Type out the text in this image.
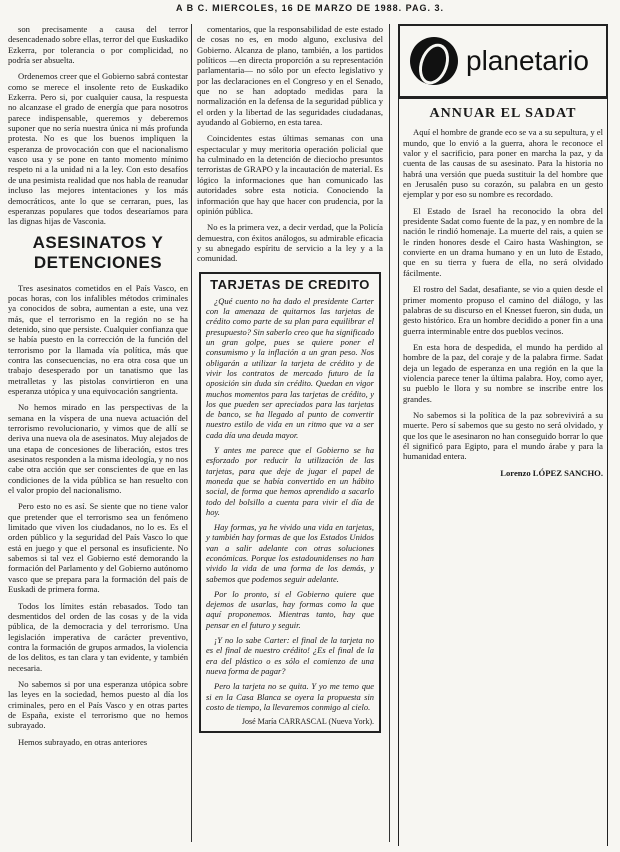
A B C. MIERCOLES, 16 DE MARZO DE 1988. PAG. 3.

son precisamente a causa del terror desencadenado sobre ellas, terror del que Euskadiko Ezkerra, por tolerancia o por complicidad, no podría ser absuelta.

Ordenemos creer que el Gobierno sabrá contestar como se merece el insolente reto de Euskadiko Ezkerra. Pero si, por cualquier causa, la respuesta no alcanzase el grado de energía que para nosotros parece indispensable, queremos y deberemos suponer que no sería nuestra única ni más profunda protesta. No es que los buenos impliquen la esperanza de provocación con que el nacionalismo vasco usa y se pone en tanto momento mínimo respeto ni a la unidad ni a la ley. Con esto desafíos de una pesimista realidad que nos habla de reanudar incluso las mejores intentaciones y los más democráticos, ante lo que se cerraran, pues, las esperanzas populares que todos desearíamos para las dignas hijas de Vasconia.

ASESINATOS Y DETENCIONES

Tres asesinatos cometidos en el País Vasco, en pocas horas, con los infalibles métodos criminales ya conocidos de sobra, aumentan a este, una vez más, que el terrorismo en la región no se ha detenido, sino que persiste. Cualquier confianza que se había puesto en la corrección de la función del terrorismo por la llamada vía política, más que contra las consecuencias, no era otra cosa que un trabajo desesperado por un tanatismo que las metralletas y las pistolas convirtieron en una esperanza utópica y una equivocación sangrienta.

No hemos mirado en las perspectivas de la semana en la víspera de una nueva actuación del terrorismo revolucionario, y vimos que de allí se deriva una nueva ola de asesinatos. Muy alejados de una etapa de concesiones de liberación, estos tres asesinatos responden a la misma ideología, y no nos cabe otra acción que ser conscientes de que en las condiciones de la vida pública se han resuelto con el valor propio del nacionalismo.

Pero esto no es así. Se siente que no tiene valor que pretender que el terrorismo sea un fenómeno limitado que viven los ciudadanos, no lo es. Es el orden público y la seguridad del País Vasco lo que está en juego y que el personal es insuficiente. No sabemos si tal vez el Gobierno esté demorando la formación del Parlamento y del Gobierno autónomo vasco que se prepara para la formación del país de Euskadi de primera forma.

Todos los límites están rebasados. Todo tan desmentidos del orden de las cosas y de la vida pública, de la democracia y del terrorismo. Una legislación imperativa de carácter preventivo, contra la formación de grupos armados, la violencia de los delitos, es tan clara y tan evidente, y también necesaria.

No sabemos si por una esperanza utópica sobre las leyes en la sociedad, hemos puesto al día los criminales, pero en el País Vasco y en otras partes de España, existe el terrorismo que no hemos subrayado.

Hemos subrayado, en otras anteriores

comentarios, que la responsabilidad de este estado de cosas no es, en modo alguno, exclusiva del Gobierno. Alcanza de plano, también, a los partidos políticos —en directa proporción a su representación parlamentaria— no sólo por un efecto legislativo y por las declaraciones en el Congreso y en el Senado, que no se han adoptado medidas para la normalización en la defensa de la seguridad pública y el orden y la libertad de las seguridades ciudadanas, ayudando al Gobierno, en esta tarea.

Coincidentes estas últimas semanas con una espectacular y muy meritoria operación policial que ha culminado en la detención de dieciocho presuntos terroristas de GRAPO y la incautación de material. Es lógico la informaciones que han comunicado las autoridades sobre esta noticia. Conociendo la información que hay que hacer con prudencia, por la opinión pública.

No es la primera vez, a decir verdad, que la Policía demuestra, con éxitos análogos, su admirable eficacia y su abnegado espíritu de servicio a la ley y a la comunidad.

TARJETAS DE CREDITO

¿Qué cuento no ha dado el presidente Carter con la amenaza de quitarnos las tarjetas de crédito como parte de su plan para equilibrar el presupuesto? Sin saberlo creo que ha significado un gran golpe, pues se quiere poner el consumismo y la inflación a un gran peso. Nos obligarán a utilizar la tarjeta de crédito y de vivir los contratos de mercado futuro de la oposición sin duda sin crédito. Quedan en vigor muchos momentos para las tarjetas de crédito, y los que pueden ser apreciados para las tarjetas de banco, se ha llegado al punto de convertir nuestro estilo de vida en un ritmo que va a ser cada día una deuda mayor.

Y antes me parece que el Gobierno se ha esforzado por reducir la utilización de las tarjetas, para que deje de jugar el papel de moneda que se había convertido en un hábito social, de forma que hemos aprendido a sacarlo todo del bolsillo a cuenta para vivir el día de hoy.

Hay formas, ya he vivido una vida en tarjetas, y también hay formas de que los Estados Unidos van a salir adelante con otras soluciones económicas. Porque los estadounidenses no han vivido la vida de una forma de los demás, y sabemos que podemos seguir adelante.

Por lo pronto, si el Gobierno quiere que dejemos de usarlas, hay formas como la que aquí proponemos. Mientras tanto, hay que pensar en el futuro y seguir.

¡Y no lo sabe Carter: el final de la tarjeta no es el final de nuestro crédito! ¿Es el final de la era del plástico o es sólo el comienzo de una nueva forma de pagar?

Pero la tarjeta no se quita. Y yo me temo que si en la Casa Blanca se oyera la propuesta sin costo de tiempo, la llevaremos conmigo al cielo.

José María CARRASCAL (Nueva York).
planetario
ANNUAR EL SADAT

Aquí el hombre de grande eco se va a su sepultura, y el mundo, que lo envió a la guerra, ahora le reconoce el valor y el sacrificio, para poner en marcha la paz, y da cuenta de las causas de su asesinato. Para la historia no habrá una versión que pueda sustituir la del hombre que en Jerusalén puso su corazón, su palabra en un gesto ejemplar y por eso su nombre es recordado.

El Estado de Israel ha reconocido la obra del presidente Sadat como fuente de la paz, y en nombre de la nación le rindió homenaje. La muerte del rais, a quien se le rinden honores desde el Cairo hasta Washington, se convierte en un drama humano y en un luto de Estado, que en su tierra y fuera de ella, no será olvidado fácilmente.

El rostro del Sadat, desafiante, se vio a quien desde el primer momento propuso el camino del diálogo, y las palabras de su discurso en el Knesset fueron, sin duda, un gesto histórico. Era un hombre decidido a poner fin a una guerra interminable entre dos pueblos vecinos.

En esta hora de despedida, el mundo ha perdido al hombre de la paz, del coraje y de la palabra firme. Sadat deja un legado de esperanza en una región en la que la violencia parece tener la última palabra. Hoy, como ayer, su pueblo le llora y su nombre se inscribe entre los grandes.

No sabemos si la política de la paz sobrevivirá a su muerte. Pero sí sabemos que su gesto no será olvidado, y que los que le asesinaron no han conseguido borrar lo que él significó para Egipto, para el mundo árabe y para la humanidad entera.

Lorenzo LÓPEZ SANCHO.
